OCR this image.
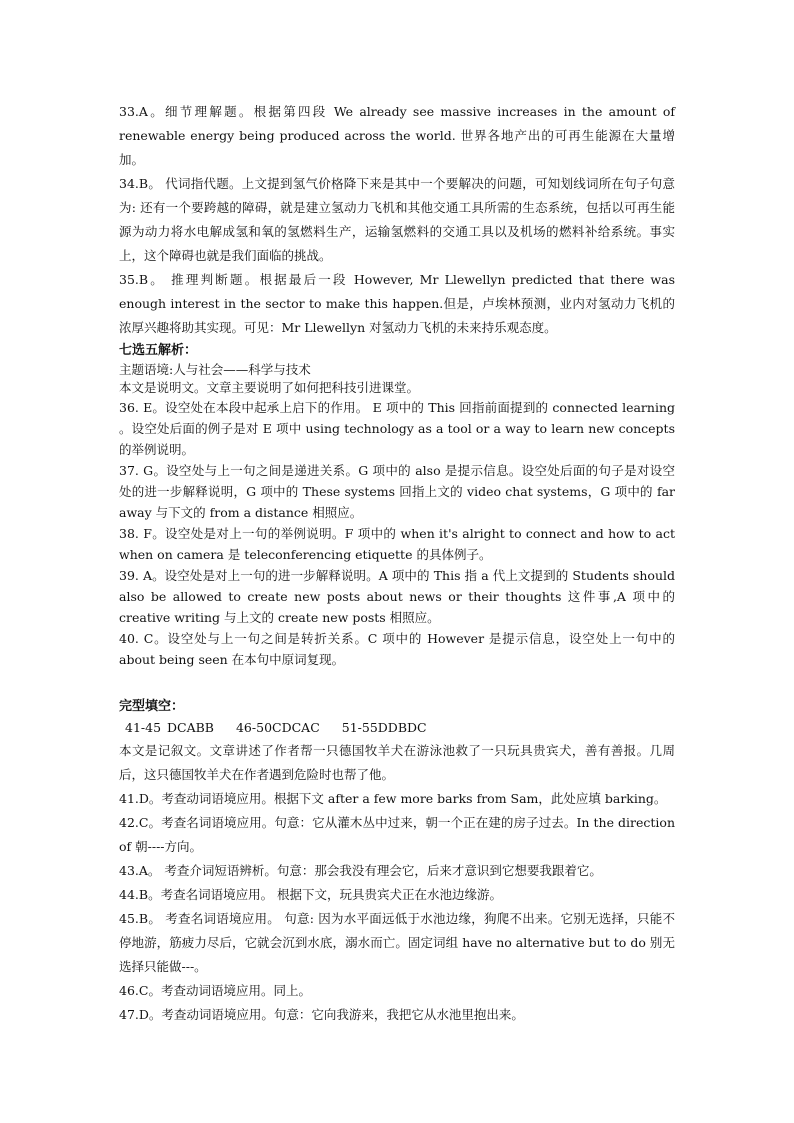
33.A。细节理解题。根据第四段 We already see massive increases in the amount of renewable energy being produced across the world. 世界各地产出的可再生能源在大量增加。

34.B。 代词指代题。上文提到氢气价格降下来是其中一个要解决的问题，可知划线词所在句子句意为: 还有一个要跨越的障碍，就是建立氢动力飞机和其他交通工具所需的生态系统，包括以可再生能源为动力将水电解成氢和氧的氢燃料生产，运输氢燃料的交通工具以及机场的燃料补给系统。事实上，这个障碍也就是我们面临的挑战。

35.B。 推理判断题。根据最后一段 However, Mr Llewellyn predicted that there was enough interest in the sector to make this happen.但是，卢埃林预测，业内对氢动力飞机的浓厚兴趣将助其实现。可见：Mr Llewellyn 对氢动力飞机的未来持乐观态度。

七选五解析：

主题语境:人与社会——科学与技术

本文是说明文。文章主要说明了如何把科技引进课堂。

36. E。设空处在本段中起承上启下的作用。 E 项中的 This 回指前面提到的 connected learning 。设空处后面的例子是对 E 项中 using technology as a tool or a way to learn new concepts的举例说明。

37. G。设空处与上一句之间是递进关系。G 项中的 also 是提示信息。设空处后面的句子是对设空处的进一步解释说明，G 项中的 These systems 回指上文的 video chat systems，G 项中的 far away 与下文的 from a distance 相照应。

38. F。设空处是对上一句的举例说明。F 项中的 when it's alright to connect and how to act when on camera 是 teleconferencing etiquette 的具体例子。

39. A。设空处是对上一句的进一步解释说明。A 项中的 This 指 a 代上文提到的 Students should also be allowed to create new posts about news or their thoughts 这件事,A 项中的 creative writing 与上文的 create new posts 相照应。

40. C。设空处与上一句之间是转折关系。C 项中的 However 是提示信息，设空处上一句中的 about being seen 在本句中原词复现。

完型填空：

41-45 DCABB 46-50CDCAC 51-55DDBDC

本文是记叙文。文章讲述了作者帮一只德国牧羊犬在游泳池救了一只玩具贵宾犬，善有善报。几周后，这只德国牧羊犬在作者遇到危险时也帮了他。

41.D。考查动词语境应用。根据下文 after a few more barks from Sam，此处应填 barking。

42.C。考查名词语境应用。句意：它从灌木丛中过来，朝一个正在建的房子过去。In the direction of 朝----方向。

43.A。 考查介词短语辨析。句意：那会我没有理会它，后来才意识到它想要我跟着它。

44.B。考查名词语境应用。 根据下文，玩具贵宾犬正在水池边缘游。

45.B。 考查名词语境应用。 句意: 因为水平面远低于水池边缘，狗爬不出来。它别无选择，只能不停地游，筋疲力尽后，它就会沉到水底，溺水而亡。固定词组 have no alternative but to do 别无选择只能做---。

46.C。考查动词语境应用。同上。

47.D。考查动词语境应用。句意：它向我游来，我把它从水池里抱出来。
